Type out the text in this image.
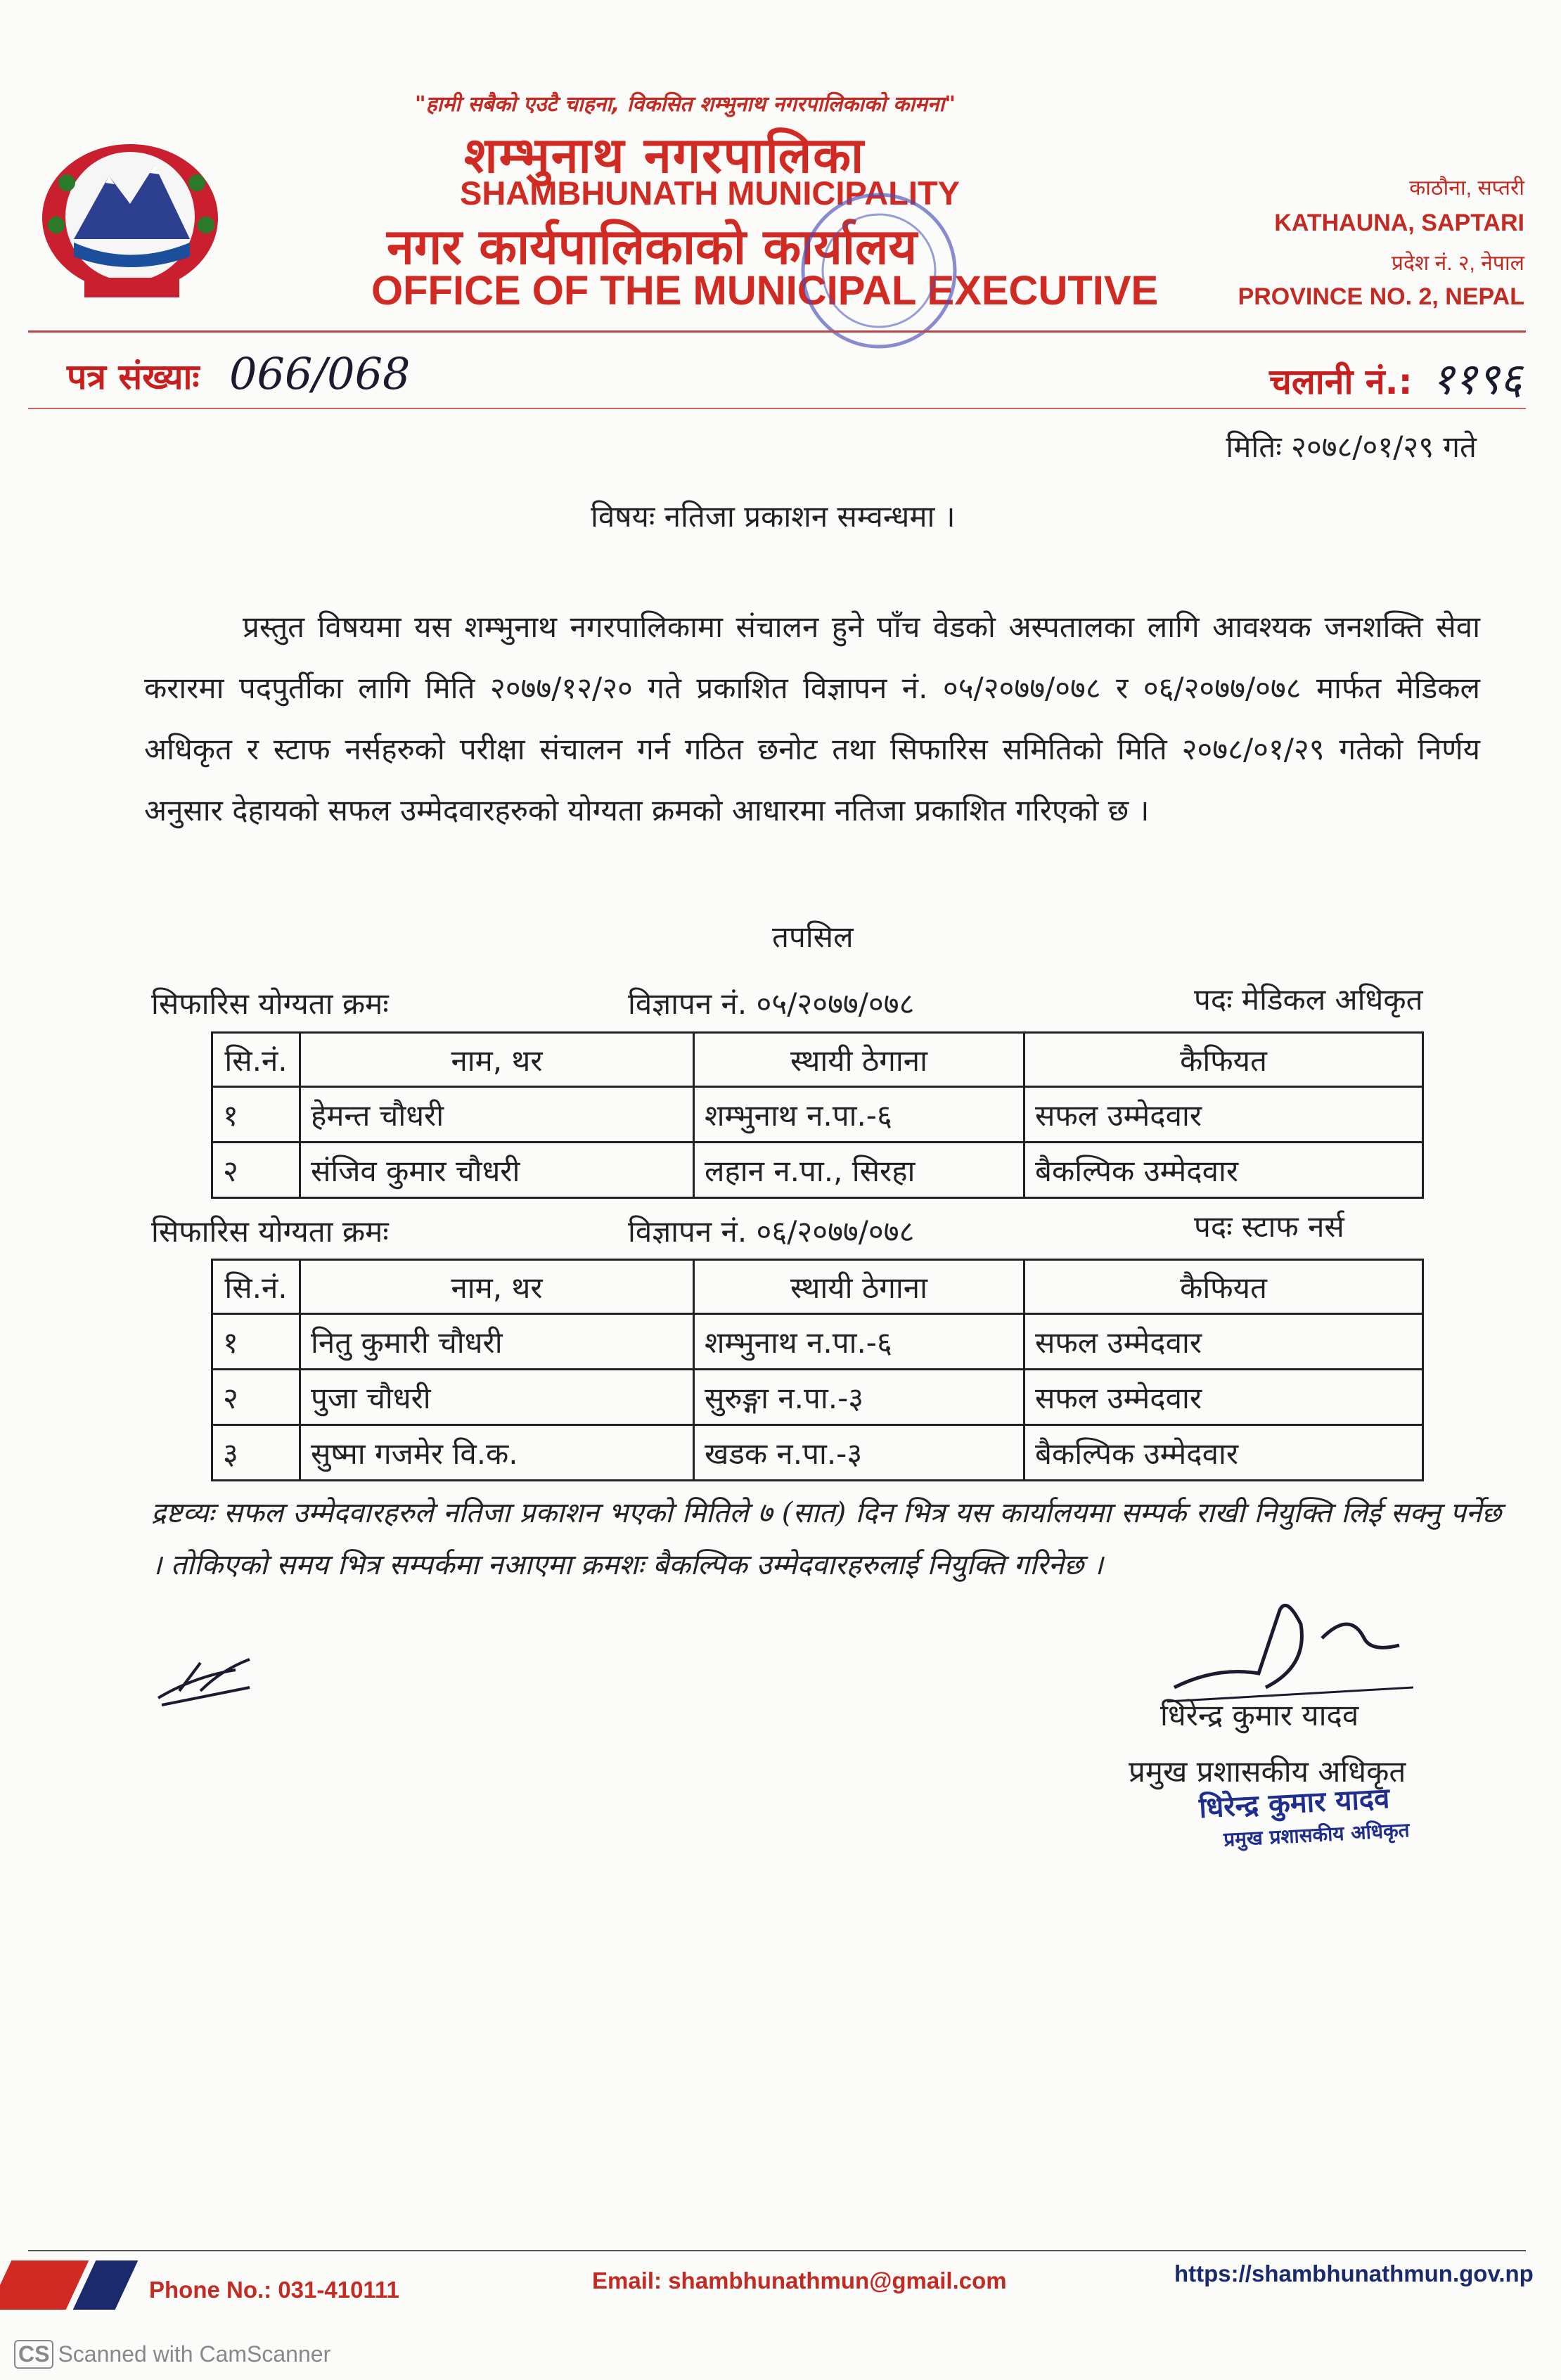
"हामी सबैको एउटै चाहना, विकसित शम्भुनाथ नगरपालिकाको कामना"
शम्भुनाथ नगरपालिका
SHAMBHUNATH MUNICIPALITY
नगर कार्यपालिकाको कार्यालय
OFFICE OF THE MUNICIPAL EXECUTIVE
काठौना, सप्तरी
KATHAUNA, SAPTARI
प्रदेश नं. २, नेपाल
PROVINCE NO. 2, NEPAL
पत्र संख्याः 066/068	चलानी नं.: ११९६
मितिः २०७८/०१/२९ गते
विषयः नतिजा प्रकाशन सम्वन्धमा ।
प्रस्तुत विषयमा यस शम्भुनाथ नगरपालिकामा संचालन हुने पाँच वेडको अस्पतालका लागि आवश्यक जनशक्ति सेवा करारमा पदपुर्तीका लागि मिति २०७७/१२/२० गते प्रकाशित विज्ञापन नं. ०५/२०७७/०७८ र ०६/२०७७/०७८ मार्फत मेडिकल अधिकृत र स्टाफ नर्सहरुको परीक्षा संचालन गर्न गठित छनोट तथा सिफारिस समितिको मिति २०७८/०१/२९ गतेको निर्णय अनुसार देहायको सफल उम्मेदवारहरुको योग्यता क्रमको आधारमा नतिजा प्रकाशित गरिएको छ ।
तपसिल
सिफारिस योग्यता क्रमः	विज्ञापन नं. ०५/२०७७/०७८	पदः मेडिकल अधिकृत
सि.नं.	नाम, थर	स्थायी ठेगाना	कैफियत
१	हेमन्त चौधरी	शम्भुनाथ न.पा.-६	सफल उम्मेदवार
२	संजिव कुमार चौधरी	लहान न.पा., सिरहा	बैकल्पिक उम्मेदवार
सिफारिस योग्यता क्रमः	विज्ञापन नं. ०६/२०७७/०७८	पदः स्टाफ नर्स
सि.नं.	नाम, थर	स्थायी ठेगाना	कैफियत
१	नितु कुमारी चौधरी	शम्भुनाथ न.पा.-६	सफल उम्मेदवार
२	पुजा चौधरी	सुरुङ्गा न.पा.-३	सफल उम्मेदवार
३	सुष्मा गजमेर वि.क.	खडक न.पा.-३	बैकल्पिक उम्मेदवार
द्रष्टव्यः सफल उम्मेदवारहरुले नतिजा प्रकाशन भएको मितिले ७ (सात) दिन भित्र यस कार्यालयमा सम्पर्क राखी नियुक्ति लिई सक्नु पर्नेछ । तोकिएको समय भित्र सम्पर्कमा नआएमा क्रमशः बैकल्पिक उम्मेदवारहरुलाई नियुक्ति गरिनेछ ।
धिरेन्द्र कुमार यादव
प्रमुख प्रशासकीय अधिकृत
धिरेन्द्र कुमार यादव
प्रमुख प्रशासकीय अधिकृत
Phone No.: 031-410111	Email: shambhunathmun@gmail.com	https://shambhunathmun.gov.np
CS Scanned with CamScanner
